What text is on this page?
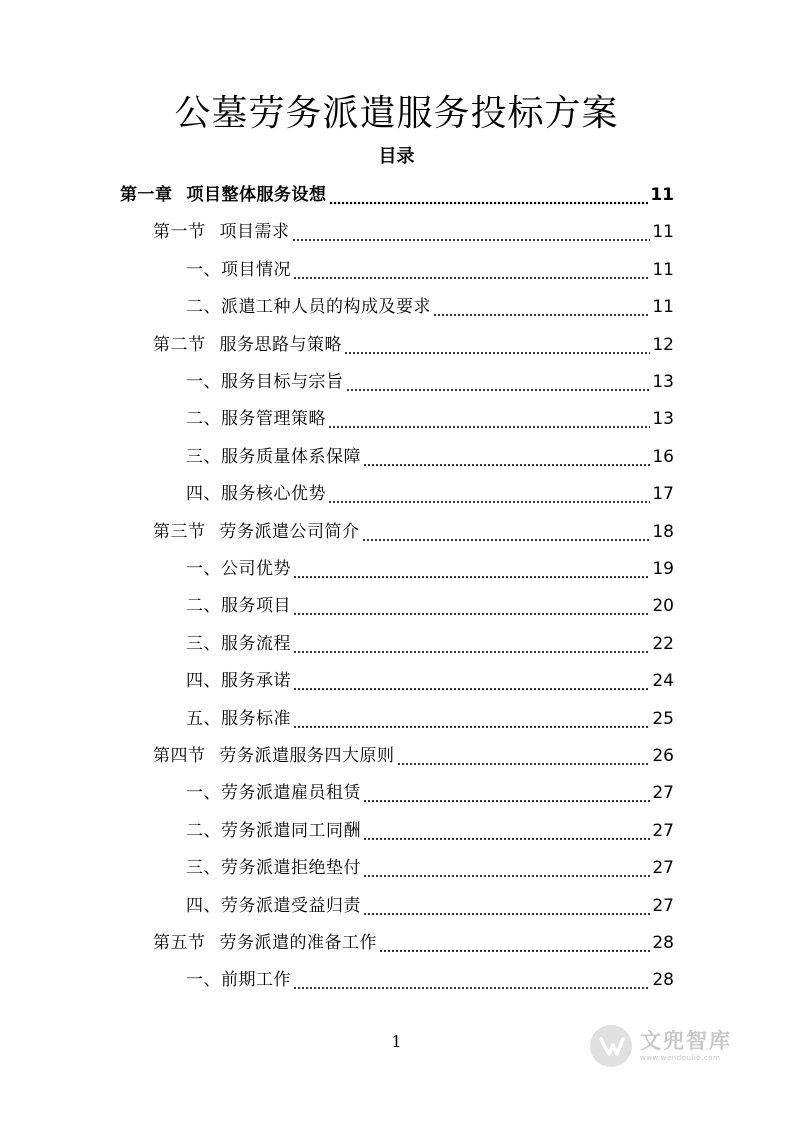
公墓劳务派遣服务投标方案
目录
第一章 项目整体服务设想	11
第一节 项目需求	11
一、 项目情况	11
二、 派遣工种人员的构成及要求	11
第二节 服务思路与策略	12
一、 服务目标与宗旨	13
二、 服务管理策略	13
三、 服务质量体系保障	16
四、 服务核心优势	17
第三节 劳务派遣公司简介	18
一、 公司优势	19
二、 服务项目	20
三、 服务流程	22
四、 服务承诺	24
五、 服务标准	25
第四节 劳务派遣服务四大原则	26
一、 劳务派遣雇员租赁	27
二、 劳务派遣同工同酬	27
三、 劳务派遣拒绝垫付	27
四、 劳务派遣受益归责	27
第五节 劳务派遣的准备工作	28
一、 前期工作	28
1	文兜智库
www.wendoulib.com
